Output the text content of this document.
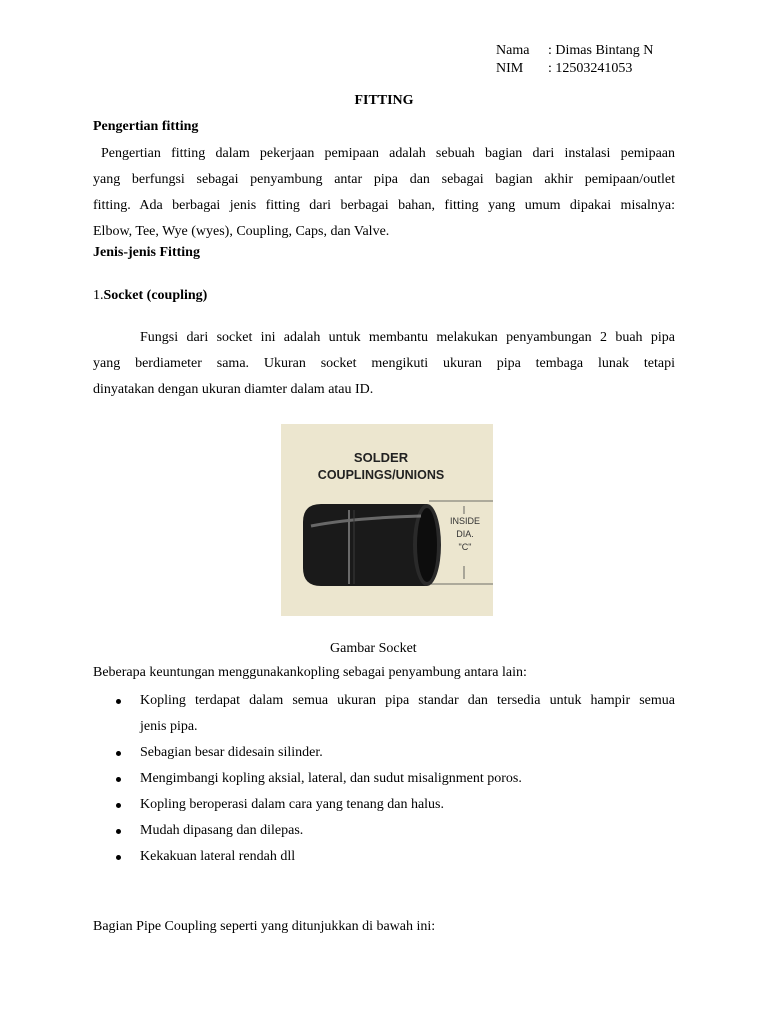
Nama	: Dimas Bintang N
NIM	: 12503241053
FITTING
Pengertian fitting
Pengertian fitting dalam pekerjaan pemipaan adalah sebuah bagian dari instalasi pemipaan
yang berfungsi sebagai penyambung antar pipa dan sebagai bagian akhir pemipaan/outlet
fitting. Ada berbagai jenis fitting dari berbagai bahan, fitting yang umum dipakai misalnya:
Elbow, Tee, Wye (wyes), Coupling, Caps, dan Valve.
Jenis-jenis Fitting
1.Socket (coupling)
Fungsi dari socket ini adalah untuk membantu melakukan penyambungan 2 buah pipa
yang berdiameter sama. Ukuran socket mengikuti ukuran pipa tembaga lunak tetapi
dinyatakan dengan ukuran diamter dalam atau ID.
SOLDER
COUPLINGS/UNIONS
INSIDE
DIA.
"C"
Gambar Socket
Beberapa keuntungan menggunakankopling sebagai penyambung antara lain:
Kopling terdapat dalam semua ukuran pipa standar dan tersedia untuk hampir semua
jenis pipa.
Sebagian besar didesain silinder.
Mengimbangi kopling aksial, lateral, dan sudut misalignment poros.
Kopling beroperasi dalam cara yang tenang dan halus.
Mudah dipasang dan dilepas.
Kekakuan lateral rendah dll
Bagian Pipe Coupling seperti yang ditunjukkan di bawah ini:
